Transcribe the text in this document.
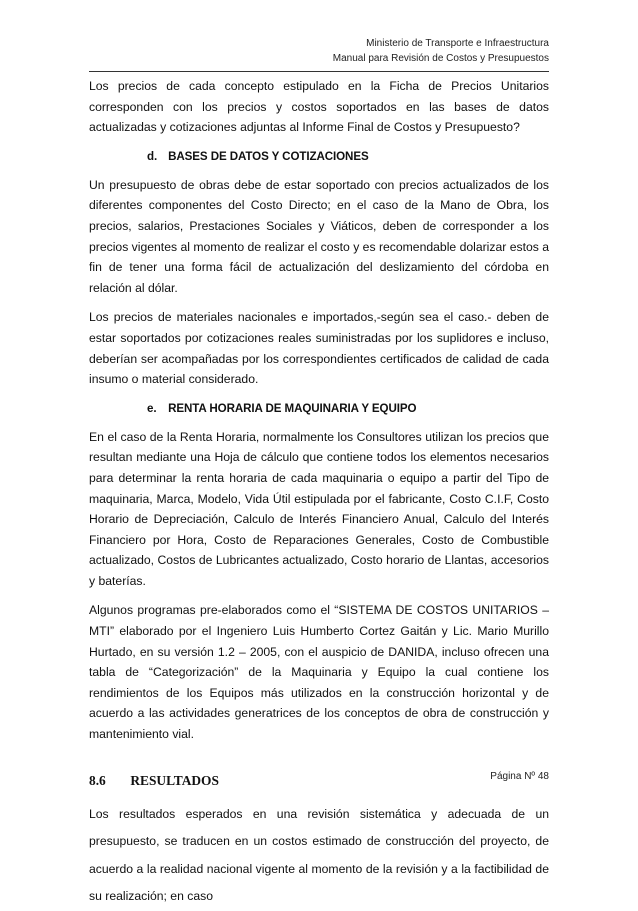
Ministerio de Transporte e Infraestructura
Manual para Revisión de Costos y Presupuestos

Los precios de cada concepto estipulado en la Ficha de Precios Unitarios corresponden con los precios y costos soportados en las bases de datos actualizadas y cotizaciones adjuntas al Informe Final de Costos y Presupuesto?

d. BASES DE DATOS Y COTIZACIONES

Un presupuesto de obras debe de estar soportado con precios actualizados de los diferentes componentes del Costo Directo; en el caso de la Mano de Obra, los precios, salarios, Prestaciones Sociales y Viáticos, deben de corresponder a los precios vigentes al momento de realizar el costo y es recomendable dolarizar estos a fin de tener una forma fácil de actualización del deslizamiento del córdoba en relación al dólar.

Los precios de materiales nacionales e importados,-según sea el caso.- deben de estar soportados por cotizaciones reales suministradas por los suplidores e incluso, deberían ser acompañadas por los correspondientes certificados de calidad de cada insumo o material considerado.

e. RENTA HORARIA DE MAQUINARIA Y EQUIPO

En el caso de la Renta Horaria, normalmente los Consultores utilizan los precios que resultan mediante una Hoja de cálculo que contiene todos los elementos necesarios para determinar la renta horaria de cada maquinaria o equipo a partir del Tipo de maquinaria, Marca, Modelo, Vida Útil estipulada por el fabricante, Costo C.I.F, Costo Horario de Depreciación, Calculo de Interés Financiero Anual, Calculo del Interés Financiero por Hora, Costo de Reparaciones Generales, Costo de Combustible actualizado, Costos de Lubricantes actualizado, Costo horario de Llantas, accesorios y baterías.

Algunos programas pre-elaborados como el “SISTEMA DE COSTOS UNITARIOS – MTI” elaborado por el Ingeniero Luis Humberto Cortez Gaitán y Lic. Mario Murillo Hurtado, en su versión 1.2 – 2005, con el auspicio de DANIDA, incluso ofrecen una tabla de “Categorización” de la Maquinaria y Equipo la cual contiene los rendimientos de los Equipos más utilizados en la construcción horizontal y de acuerdo a las actividades generatrices de los conceptos de obra de construcción y mantenimiento vial.

8.6 RESULTADOS

Los resultados esperados en una revisión sistemática y adecuada de un presupuesto, se traducen en un costos estimado de construcción del proyecto, de acuerdo a la realidad nacional vigente al momento de la revisión y a la factibilidad de su realización; en caso

Página Nº 48
